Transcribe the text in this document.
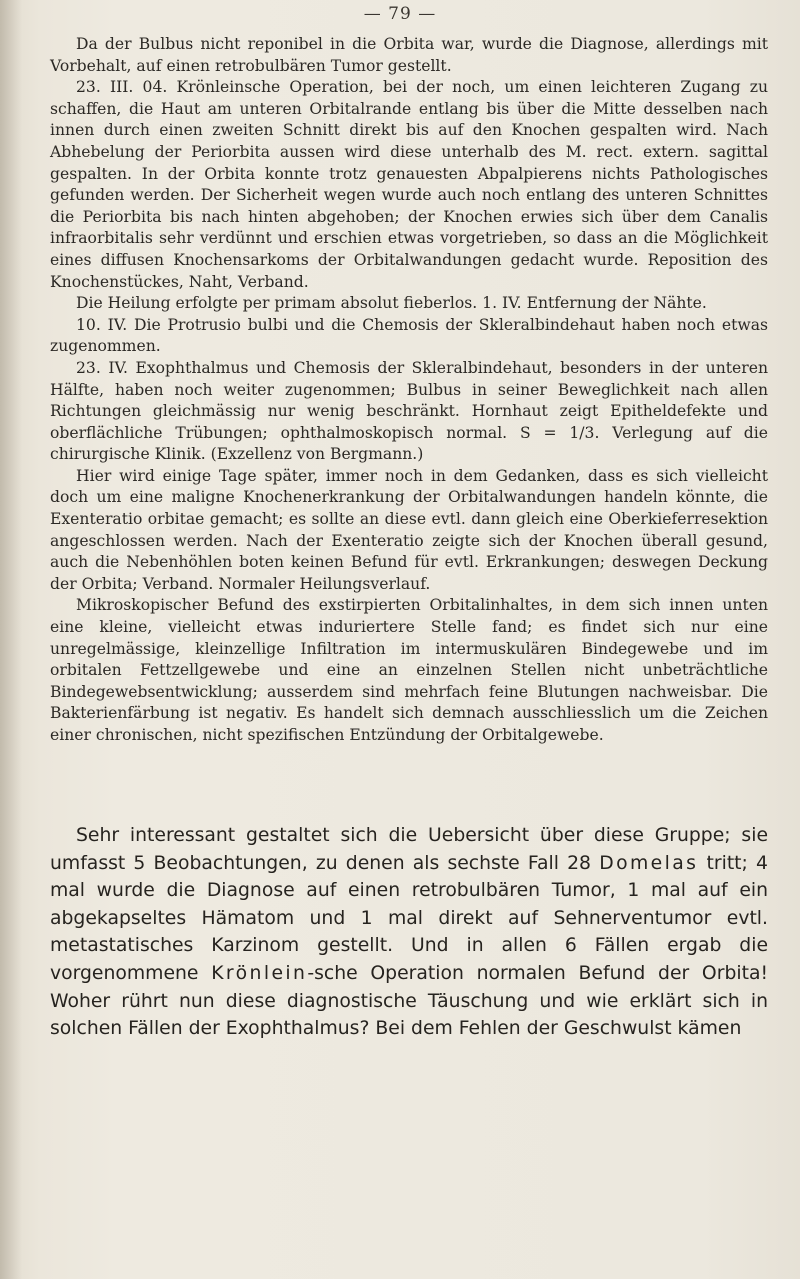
— 79 —

Da der Bulbus nicht reponibel in die Orbita war, wurde die Diagnose, allerdings mit Vorbehalt, auf einen retrobulbären Tumor gestellt.

23. III. 04. Krönleinsche Operation, bei der noch, um einen leichteren Zugang zu schaffen, die Haut am unteren Orbitalrande entlang bis über die Mitte desselben nach innen durch einen zweiten Schnitt direkt bis auf den Knochen gespalten wird. Nach Abhebelung der Periorbita aussen wird diese unterhalb des M. rect. extern. sagittal gespalten. In der Orbita konnte trotz genauesten Abpalpierens nichts Pathologisches gefunden werden. Der Sicherheit wegen wurde auch noch entlang des unteren Schnittes die Periorbita bis nach hinten abgehoben; der Knochen erwies sich über dem Canalis infraorbitalis sehr verdünnt und erschien etwas vorgetrieben, so dass an die Möglichkeit eines diffusen Knochensarkoms der Orbitalwandungen gedacht wurde. Reposition des Knochenstückes, Naht, Verband.

Die Heilung erfolgte per primam absolut fieberlos. 1. IV. Entfernung der Nähte.

10. IV. Die Protrusio bulbi und die Chemosis der Skleralbindehaut haben noch etwas zugenommen.

23. IV. Exophthalmus und Chemosis der Skleralbindehaut, besonders in der unteren Hälfte, haben noch weiter zugenommen; Bulbus in seiner Beweglichkeit nach allen Richtungen gleichmässig nur wenig beschränkt. Hornhaut zeigt Epitheldefekte und oberflächliche Trübungen; ophthalmoskopisch normal. S = 1/3. Verlegung auf die chirurgische Klinik. (Exzellenz von Bergmann.)

Hier wird einige Tage später, immer noch in dem Gedanken, dass es sich vielleicht doch um eine maligne Knochenerkrankung der Orbitalwandungen handeln könnte, die Exenteratio orbitae gemacht; es sollte an diese evtl. dann gleich eine Oberkieferresektion angeschlossen werden. Nach der Exenteratio zeigte sich der Knochen überall gesund, auch die Nebenhöhlen boten keinen Befund für evtl. Erkrankungen; deswegen Deckung der Orbita; Verband. Normaler Heilungsverlauf.

Mikroskopischer Befund des exstirpierten Orbitalinhaltes, in dem sich innen unten eine kleine, vielleicht etwas induriertere Stelle fand; es findet sich nur eine unregelmässige, kleinzellige Infiltration im intermuskulären Bindegewebe und im orbitalen Fettzellgewebe und eine an einzelnen Stellen nicht unbeträchtliche Bindegewebsentwicklung; ausserdem sind mehrfach feine Blutungen nachweisbar. Die Bakterienfärbung ist negativ. Es handelt sich demnach ausschliesslich um die Zeichen einer chronischen, nicht spezifischen Entzündung der Orbitalgewebe.

Sehr interessant gestaltet sich die Uebersicht über diese Gruppe; sie umfasst 5 Beobachtungen, zu denen als sechste Fall 28 Domelas tritt; 4 mal wurde die Diagnose auf einen retrobulbären Tumor, 1 mal auf ein abgekapseltes Hämatom und 1 mal direkt auf Sehnerventumor evtl. metastatisches Karzinom gestellt. Und in allen 6 Fällen ergab die vorgenommene Krönlein-sche Operation normalen Befund der Orbita! Woher rührt nun diese diagnostische Täuschung und wie erklärt sich in solchen Fällen der Exophthalmus? Bei dem Fehlen der Geschwulst kämen
